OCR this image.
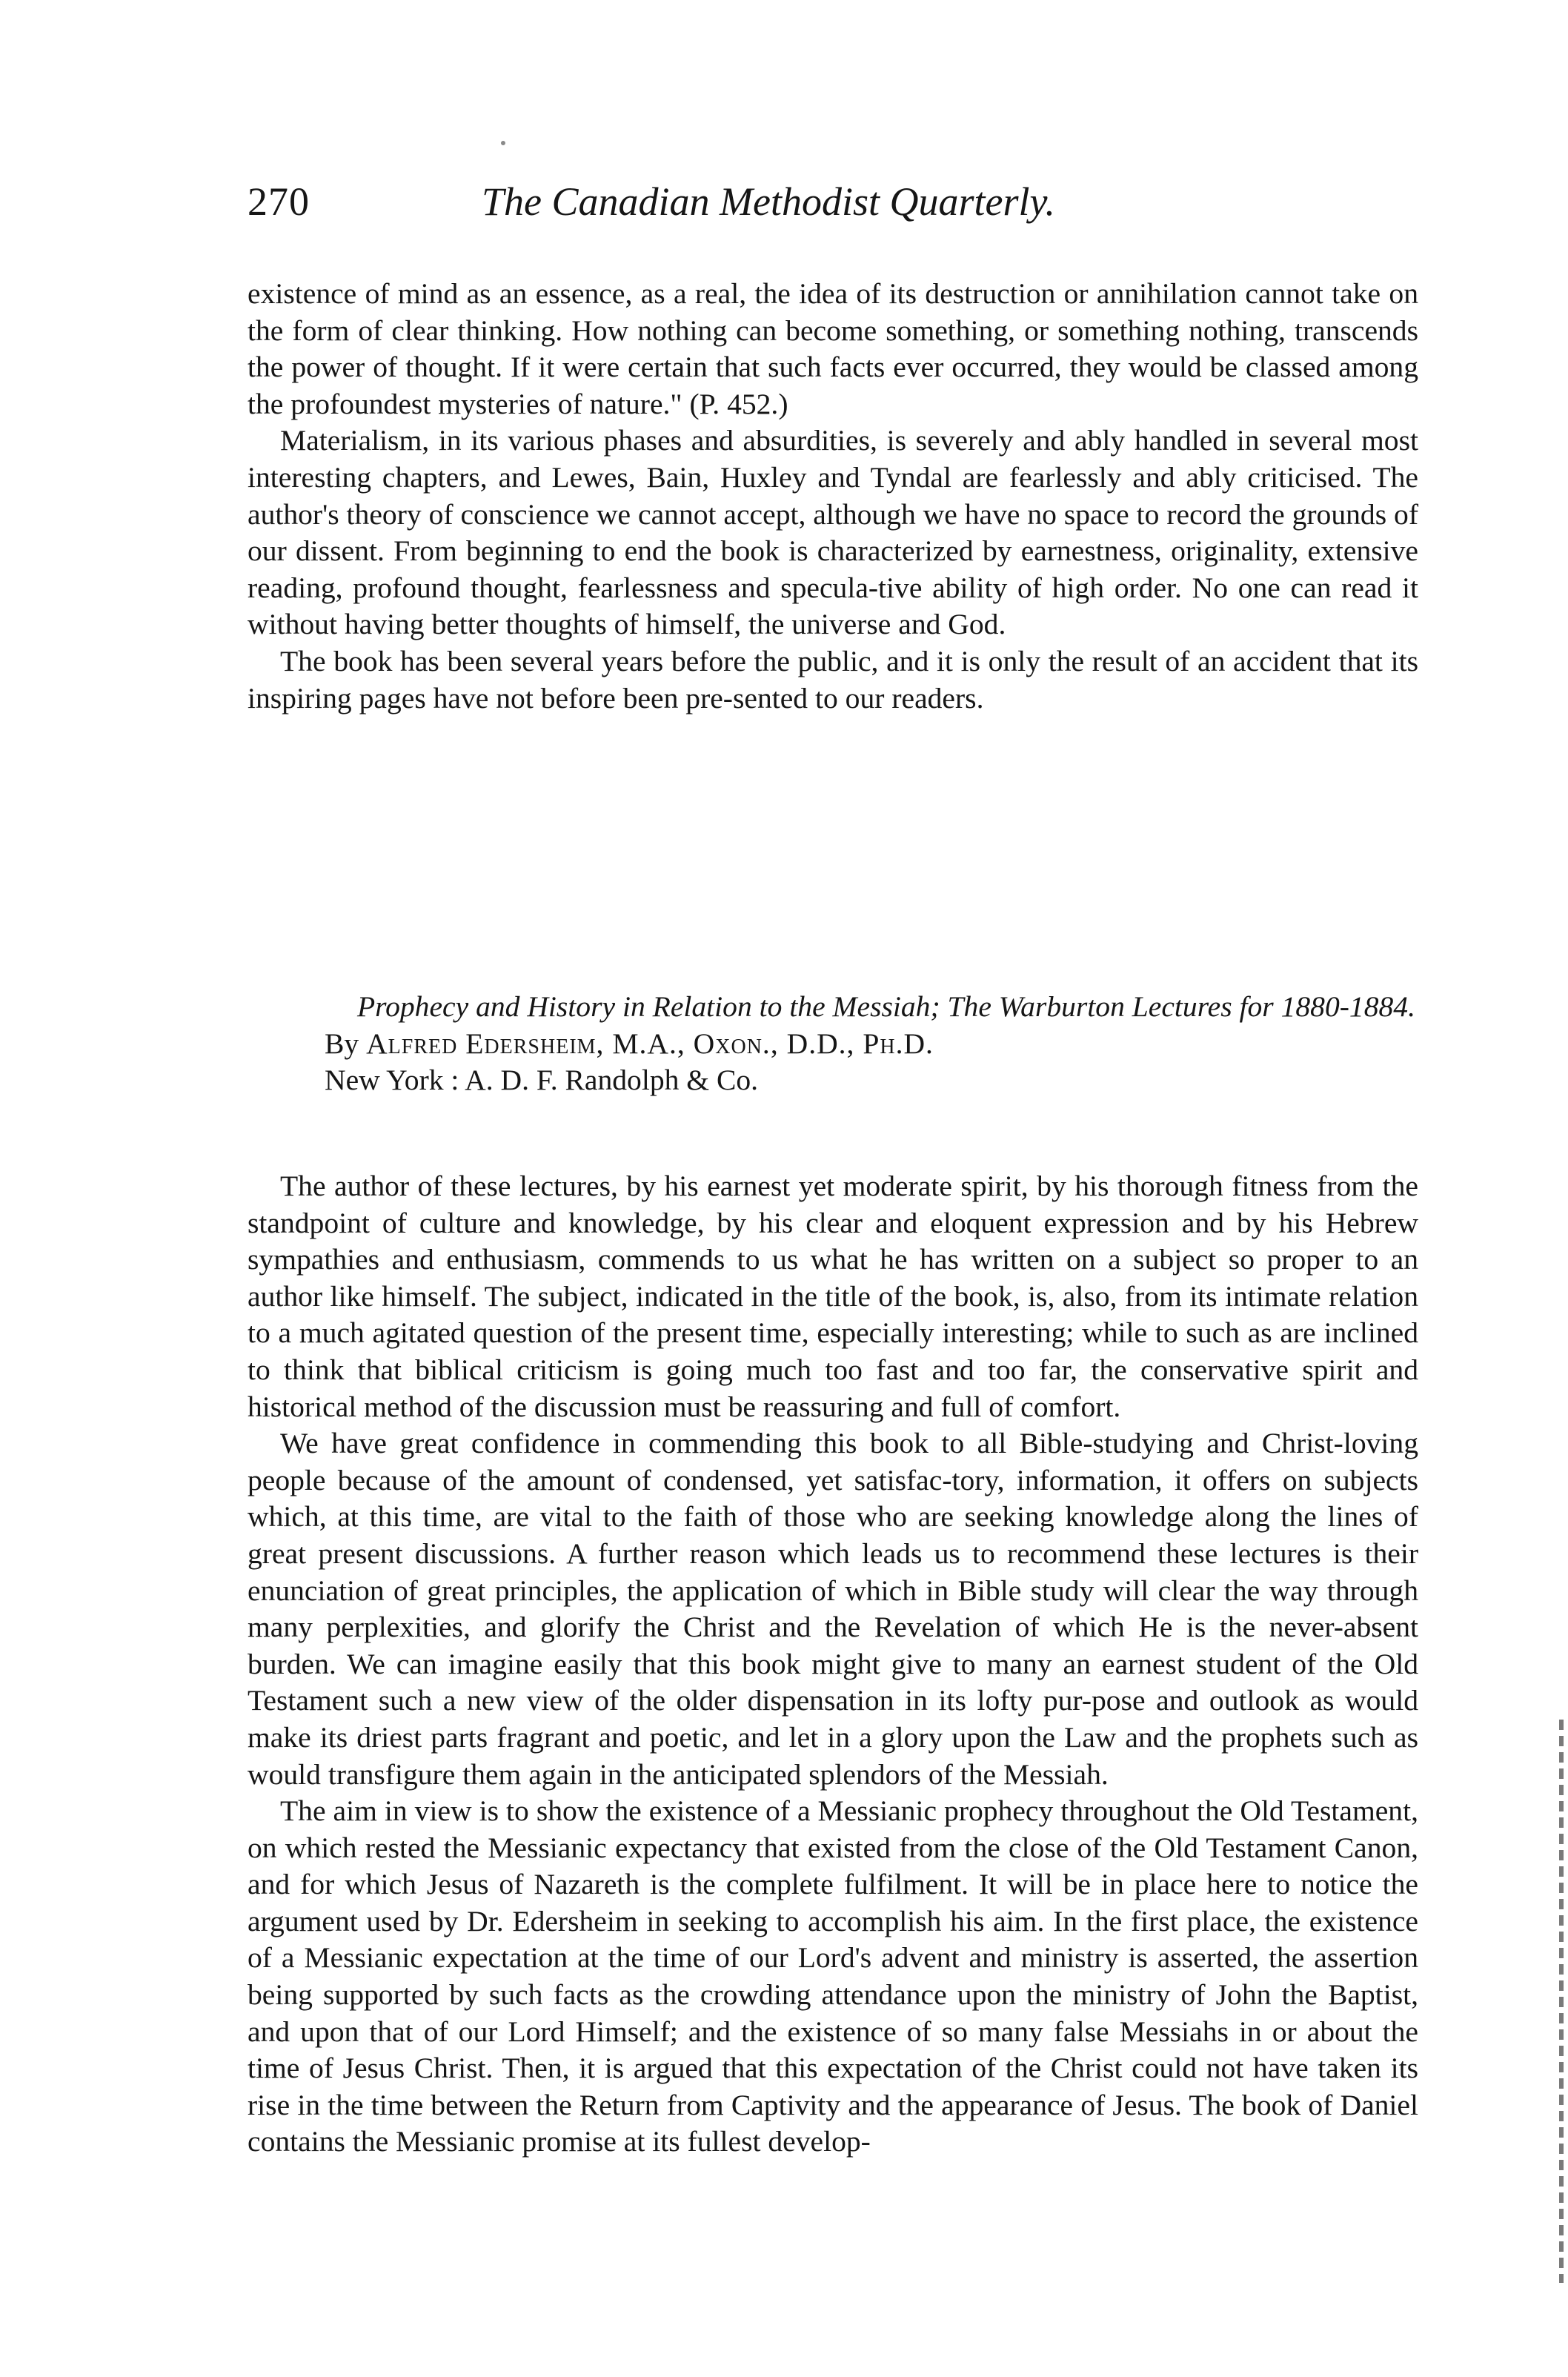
270	The Canadian Methodist Quarterly.

existence of mind as an essence, as a real, the idea of its destruction or annihilation cannot take on the form of clear thinking. How nothing can become something, or something nothing, transcends the power of thought. If it were certain that such facts ever occurred, they would be classed among the profoundest mysteries of nature." (P. 452.)

Materialism, in its various phases and absurdities, is severely and ably handled in several most interesting chapters, and Lewes, Bain, Huxley and Tyndal are fearlessly and ably criticised. The author's theory of conscience we cannot accept, although we have no space to record the grounds of our dissent. From beginning to end the book is characterized by earnestness, originality, extensive reading, profound thought, fearlessness and specula-tive ability of high order. No one can read it without having better thoughts of himself, the universe and God.

The book has been several years before the public, and it is only the result of an accident that its inspiring pages have not before been pre-sented to our readers.

Prophecy and History in Relation to the Messiah; The Warburton Lectures for 1880-1884. By Alfred Edersheim, M.A., Oxon., D.D., Ph.D.
New York : A. D. F. Randolph & Co.

The author of these lectures, by his earnest yet moderate spirit, by his thorough fitness from the standpoint of culture and knowledge, by his clear and eloquent expression and by his Hebrew sympathies and enthusiasm, commends to us what he has written on a subject so proper to an author like himself. The subject, indicated in the title of the book, is, also, from its intimate relation to a much agitated question of the present time, especially interesting; while to such as are inclined to think that biblical criticism is going much too fast and too far, the conservative spirit and historical method of the discussion must be reassuring and full of comfort.

We have great confidence in commending this book to all Bible-studying and Christ-loving people because of the amount of condensed, yet satisfac-tory, information, it offers on subjects which, at this time, are vital to the faith of those who are seeking knowledge along the lines of great present discussions. A further reason which leads us to recommend these lectures is their enunciation of great principles, the application of which in Bible study will clear the way through many perplexities, and glorify the Christ and the Revelation of which He is the never-absent burden. We can imagine easily that this book might give to many an earnest student of the Old Testament such a new view of the older dispensation in its lofty pur-pose and outlook as would make its driest parts fragrant and poetic, and let in a glory upon the Law and the prophets such as would transfigure them again in the anticipated splendors of the Messiah.

The aim in view is to show the existence of a Messianic prophecy throughout the Old Testament, on which rested the Messianic expectancy that existed from the close of the Old Testament Canon, and for which Jesus of Nazareth is the complete fulfilment. It will be in place here to notice the argument used by Dr. Edersheim in seeking to accomplish his aim. In the first place, the existence of a Messianic expectation at the time of our Lord's advent and ministry is asserted, the assertion being supported by such facts as the crowding attendance upon the ministry of John the Baptist, and upon that of our Lord Himself; and the existence of so many false Messiahs in or about the time of Jesus Christ. Then, it is argued that this expectation of the Christ could not have taken its rise in the time between the Return from Captivity and the appearance of Jesus. The book of Daniel contains the Messianic promise at its fullest develop-
